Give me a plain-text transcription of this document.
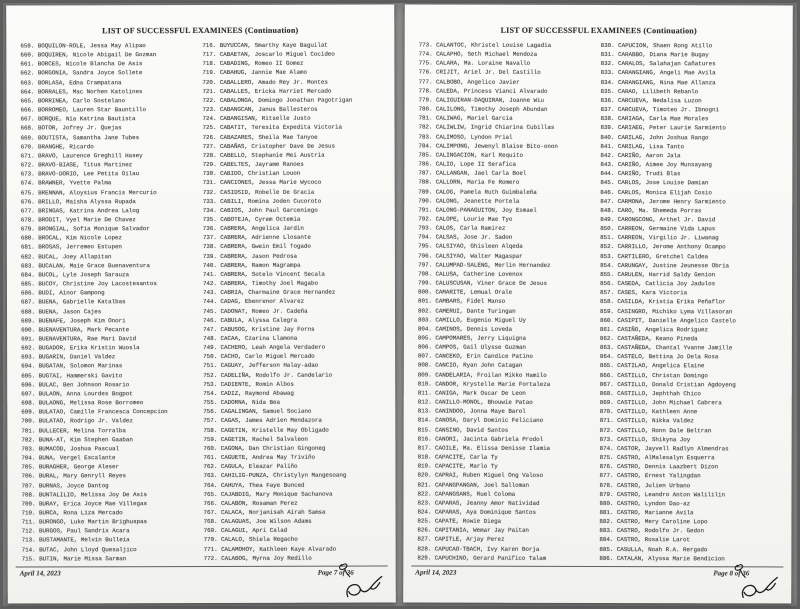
LIST OF SUCCESSFUL EXAMINEES (Continuation)
659. BOQUILON-ROLE, Jessa May Alipao
660. BOQUIREN, Nicole Abigail De Gozman
661. BORCES, Nicole Blancha De Asis
662. BORGONIA, Sandra Joyce Sollete
663. BORLASA, Edna Crampatana
664. BORRALES, Mac Norhen Katolines
665. BORRINEA, Carlo Sostelano
666. BORROMEO, Lauren Star Bauntillo
667. BORQUE, Nia Katrina Bautista
668. BOTOR, Jofrey Jr. Quejas
669. BOUTISTA, Samantha Jane Tubes
670. BRANGHE, Ricardo
671. BRAVO, Laurence Greghill Hasey
672. BRAVO-BIASE, Titus Martinez
673. BRAVO-DORIO, Lee Petita Oilau
674. BRAWNER, Yvette Palma
675. BRENNAN, Aloysius Francis Mercurio
676. BRILLO, Maisha Alyssa Rupada
677. BRINGAS, Katrina Andrea Lalog
678. BRODIT, Vyel Marie De Chavez
679. BRONGIAL, Sofia Monique Salvador
680. BROCAL, Kim Nicole Lopez
681. BROSAS, Jerremeo Estupen
682. BUCAL, Joey Allapitan
683. BUCALAN, Maie Grace Buenaventura
684. BUCOL, Lyle Joseph Sarauza
685. BUCOY, Christine Joy Lacostesantos
686. BUDI, Ainor Gampong
687. BUENA, Gabrielle Katalbas
688. BUENA, Jason Cajes
689. BUENAFE, Joseph Kim Onori
690. BUENAVENTURA, Mark Pecante
691. BUENAVENTURA, Rae Mari David
692. BUGADOR, Erika Kristin Wuosla
693. BUGARIN, Daniel Valdez
694. BUGATAN, Solomon Marinas
695. BUGTAI, Hammerski Gavito
696. BULAC, Ben Johnson Rosario
697. BULAON, Anna Lourdes Bogpot
698. BULAONG, Melissa Rose Borromeo
699. BULATAO, Camille Francesca Concepcion
700. BULATAO, Rodrigo Jr. Valdez
701. BULLECER, Melina Torralba
702. BUNA-AT, Kim Stephen Gaaban
703. BUMACOD, Joshua Pascual
704. BUNA, Vergel Escalante
705. BURAGHER, George Aleser
706. BURAL, Mary Genryll Reyes
707. BURNAS, Joyce Dantog
708. BUNTALILIO, Melissa Joy De Asis
709. BURAY, Erica Joyce Mae Villegas
710. BURCA, Rona Liza Mercado
711. BURONGO, Luke Martin Brighuspas
712. BURGOS, Paul Sandrix Acara
713. BUSTAMANTE, Melvin Bulleia
714. BUTAC, John Lloyd Quesaljico
715. BUTIN, Marie Missa Sarman
716. BUYUCCAN, Smarthy Kaye Baguilat
717. CABAETAN, Joscarlo Miguel Cocideo
718. CABADING, Romeo II Gomez
719. CABAHUG, Jannie Mae Alamo
720. CABALLERO, Amado Rey Jr. Montes
721. CABALLES, Ericka Harriet Mercado
722. CABALONGA, Domingo Jonathan Pagotrigan
723. CABANGCAN, Janus Ballesteros
724. CABANGISAN, Ritselle Justo
725. CABATIT, Teresita Expedita Victoria
726. CABAZARES, Sheila Mae Tanyoe
727. CABAÑAS, Cristopher Dave De Jesus
728. CABELLO, Stephanie Mei Austria
729. CABELTES, Jayrame Ranoes
730. CABIDO, Christian Louon
731. CANCIONES, Jessa Marie Wycoco
732. CASIDSID, Robelle De Gracia
733. CABILI, Romina Joden Cucoroto
734. CABIOS, John Paul Garceniego
735. CABOTEJA, Cyrem Octemia
736. CABRERA, Angelica Jardin
737. CABRERA, Adrienne Llosante
738. CABRERA, Gwein Emil Togado
739. CABRERA, Jason Pedrosa
740. CABRERA, Ramon Magrampa
741. CABRERA, Sotelo Vincent Secala
742. CABRERA, Timothy Joel Magabo
743. CABRIA, Charmaine Grace Hernandez
744. CADAG, Ebenrenor Alvarez
745. CADONAT, Romeo Jr. Cadeña
746. CABULA, Alyssa Calegra
747. CABUSOG, Kristine Jay Forns
748. CACAA, Czarina Llamona
749. CACHERO, Leah Angela Verdadero
750. CACHO, Carlo Miguel Mercado
751. CAGUAY, Jefferson Halay-adao
752. CADELIÑA, Rodolfo Jr. Candelario
753. CADIENTE, Romin Albos
754. CADIZ, Raymond Abawag
755. CADORNA, Nida Bea
756. CAGALINGAN, Samuel Sociano
757. CAGAS, James Adrien Mendazora
758. CAGETIN, Kristelle May Obligado
759. CAGETIN, Rachel Salvaleon
760. CAGONA, Dan Christian Gingoneg
761. CAGUETE, Andrea May Triviño
762. CAGULA, Eleazar Paliño
763. CAHILIG-PUNZA, Christylyn Mangesoang
764. CAHUYA, Thea Faye Bunced
765. CAJABDIG, Mary Monique Sachanova
766. CALABON, Rosaman Perez
767. CALACA, Norjanisah Airah Samsa
768. CALAGUAS, Joe Wilson Adams
769. CALAGUI, Apri Calad
770. CALALO, Shiela Regacho
771. CALAMOHOY, Kathleen Kaye Alvarado
772. CALABOG, Myrna Joy Redillo
April 14, 2023	Page 7 of 36
LIST OF SUCCESSFUL EXAMINEES (Continuation)
773. CALANTOC, Khristel Louise Lagadia
774. CALAPHO, Seth Michael Mendoza
775. CALARA, Ma. Loraine Navallo
776. CRIJIT, Ariel Jr. Del Castillo
777. CALBOBO, Angelico Javier
778. CALEDA, Princess Vianci Alvarado
779. CALIGUIRAN-DAQUIRAN, Joanne Wiu
780. CALILONG, Timothy Joseph Abundan
781. CALIWAG, Mariel Garcia
782. CALIWLIW, Ingrid Chiarina Cubillas
783. CALIMOSO, Lyndon Prial
784. CALIMPONG, Jewenyl Blaise Bito-onon
785. CALINGACION, Karl Requito
786. CALIO, Lope II Serafica
787. CALLANGAN, Jael Carla Boel
788. CALLORN, Maria Fe Romero
789. CALOG, Pamela Ruth Guimbaleña
790. CALONG, Jeanette Portela
791. CALONG-PANAGUITON, Joy Esmael
792. CALOPE, Lourie Mae Tyo
793. CALOS, Carla Ramirez
794. CALSAS, Jose Jr. Sadon
795. CALSIYAO, Ghisleen Alqeda
796. CALSIYAO, Walter Magaspar
797. CALUMPAD-SALENG, Merlin Hernandez
798. CALUSA, Catherine Lovenox
799. CALUSCUSAN, Viner Grace De Jesus
800. CAMARITE, Lemual Orale
801. CAMBARS, Fidel Manso
802. CAMERUI, Dante Turingan
803. CAMILLO, Eugenio Miguel Uy
804. CAMINOS, Dennis Loveda
805. CAMPOMARES, Jerry Liquigna
806. CAMPOS, Gail Ulysse Guzman
807. CANCEKO, Erin Candice Patino
808. CANCIO, Ryan John Catagan
809. CANDELARIA, Froilan Mikko Hamilo
810. CANDOR, Krystelle Marie Fortaleza
811. CANIGA, Mark Oscar De Leon
812. CANILLO-MONOL, Bhouwie Patao
813. CANINDOO, Jonna Maye Barol
814. CANOSA, Daryl Dominic Feliciano
815. CANSINO, David Santos
816. CANORI, Jacinta Gabriela Prodol
817. CAOILE, Ma. Elissa Denisse Ilamia
818. CAPACITE, Carla Ty
819. CAPACITE, Marlo Ty
820. CAPRAI, Ruben Miguel Ong Valoso
821. CAPANGPANGAN, Joel Salloman
822. CAPANGSANS, Ruel Coloma
823. CAPARAS, Jeanny Amor Natividad
824. CAPARAS, Aya Dominique Santos
825. CAPATE, Rowie Diega
826. CAPITANIA, Wemar Jay Paitan
827. CAPITLE, Arjay Perez
828. CAPUCAO-TBACH, Ivy Karen Borja
829. CAPUCHINO, Gerard Panifico Talam
830. CAPUCION, Shaen Rong Atillo
831. CARABBO, Diana Marie Bugay
832. CARALOS, Salahajan Cañatures
833. CARANGIANG, Angeli Mae Avila
834. CARANGIANG, Nina Mae Allanza
835. CARAO, Lilibeth Rebanlo
836. CARCUEVA, Nedalisa Luzon
837. CARCUEVA, Timoteo Jr. Ibnogni
838. CARIAGA, Carla Mae Morales
839. CARIAEG, Peter Laurie Sarmiento
840. CARILAG, John Joshua Rango
841. CARILAG, Lisa Tanto
842. CARIÑO, Aaron Jala
843. CARIÑO, Aimee Joy Munsayang
844. CARIÑO, Trudi Blas
845. CARLOS, Jose Louise Damian
846. CARLOS, Monica Elijah Cosio
847. CARMONA, Jerome Henry Sarmiento
848. CARO, Ma. Shemeda Porras
849. CARONGCONG, Arthel Jr. David
850. CARREON, Germaine Vida Lapus
851. CARREON, Virgilio Jr. Liwanag
852. CARRILLO, Jerome Anthony Ocampo
853. CARTILERO, Gretchel Caldea
854. CARUNGAY, Justine Jeunesse Obria
855. CARULEN, Harrid Saldy Genion
856. CASEDA, Catlicia Joy Jadulos
857. CASES, Kara Victoria
858. CASILDA, Kristia Erika Peñaflor
859. CASINGRO, Michiko Lyma Villasoran
860. CASIPIT, Danielle Angelico Castelo
861. CASIÑO, Angelica Rodriguez
862. CASTAÑEDA, Keano Pineda
863. CASTAÑEDA, Chantal Yvanne Jamille
864. CASTELO, Bettina Jo Dela Rosa
865. CASTILAO, Angelica Elaine
866. CASTILLO, Christan Domingo
867. CASTILLO, Donald Cristian Agdoyeng
868. CASTILLO, Jephthah Chico
869. CASTILLO, John Michael Cabrera
870. CASTILLO, Kathleen Anne
871. CASTILLO, Nikka Valdez
872. CASTILLO, Ronn Dale Beltran
873. CASTILLO, Shikyna Joy
874. CASTOR, Jayvell Radlyn Almendras
875. CASTRO, AlMalesalyn Esquerra
876. CASTRO, Dennis Laazbert Dizon
877. CASTRO, Ernest Yalingdan
878. CASTRO, Julien Urbano
879. CASTRO, Leandro Anton Walililin
880. CASTRO, Lyndon Dao-az
881. CASTRO, Marianne Avila
882. CASTRO, Mery Caroline Lopo
883. CASTRO, Rodolfo Jr. Gedon
884. CASTRO, Rosalie Larot
885. CASULLA, Noah R.A. Rergado
886. CATALAN, Alyssa Marie Bendicion
April 14, 2023	Page 8 of 36
